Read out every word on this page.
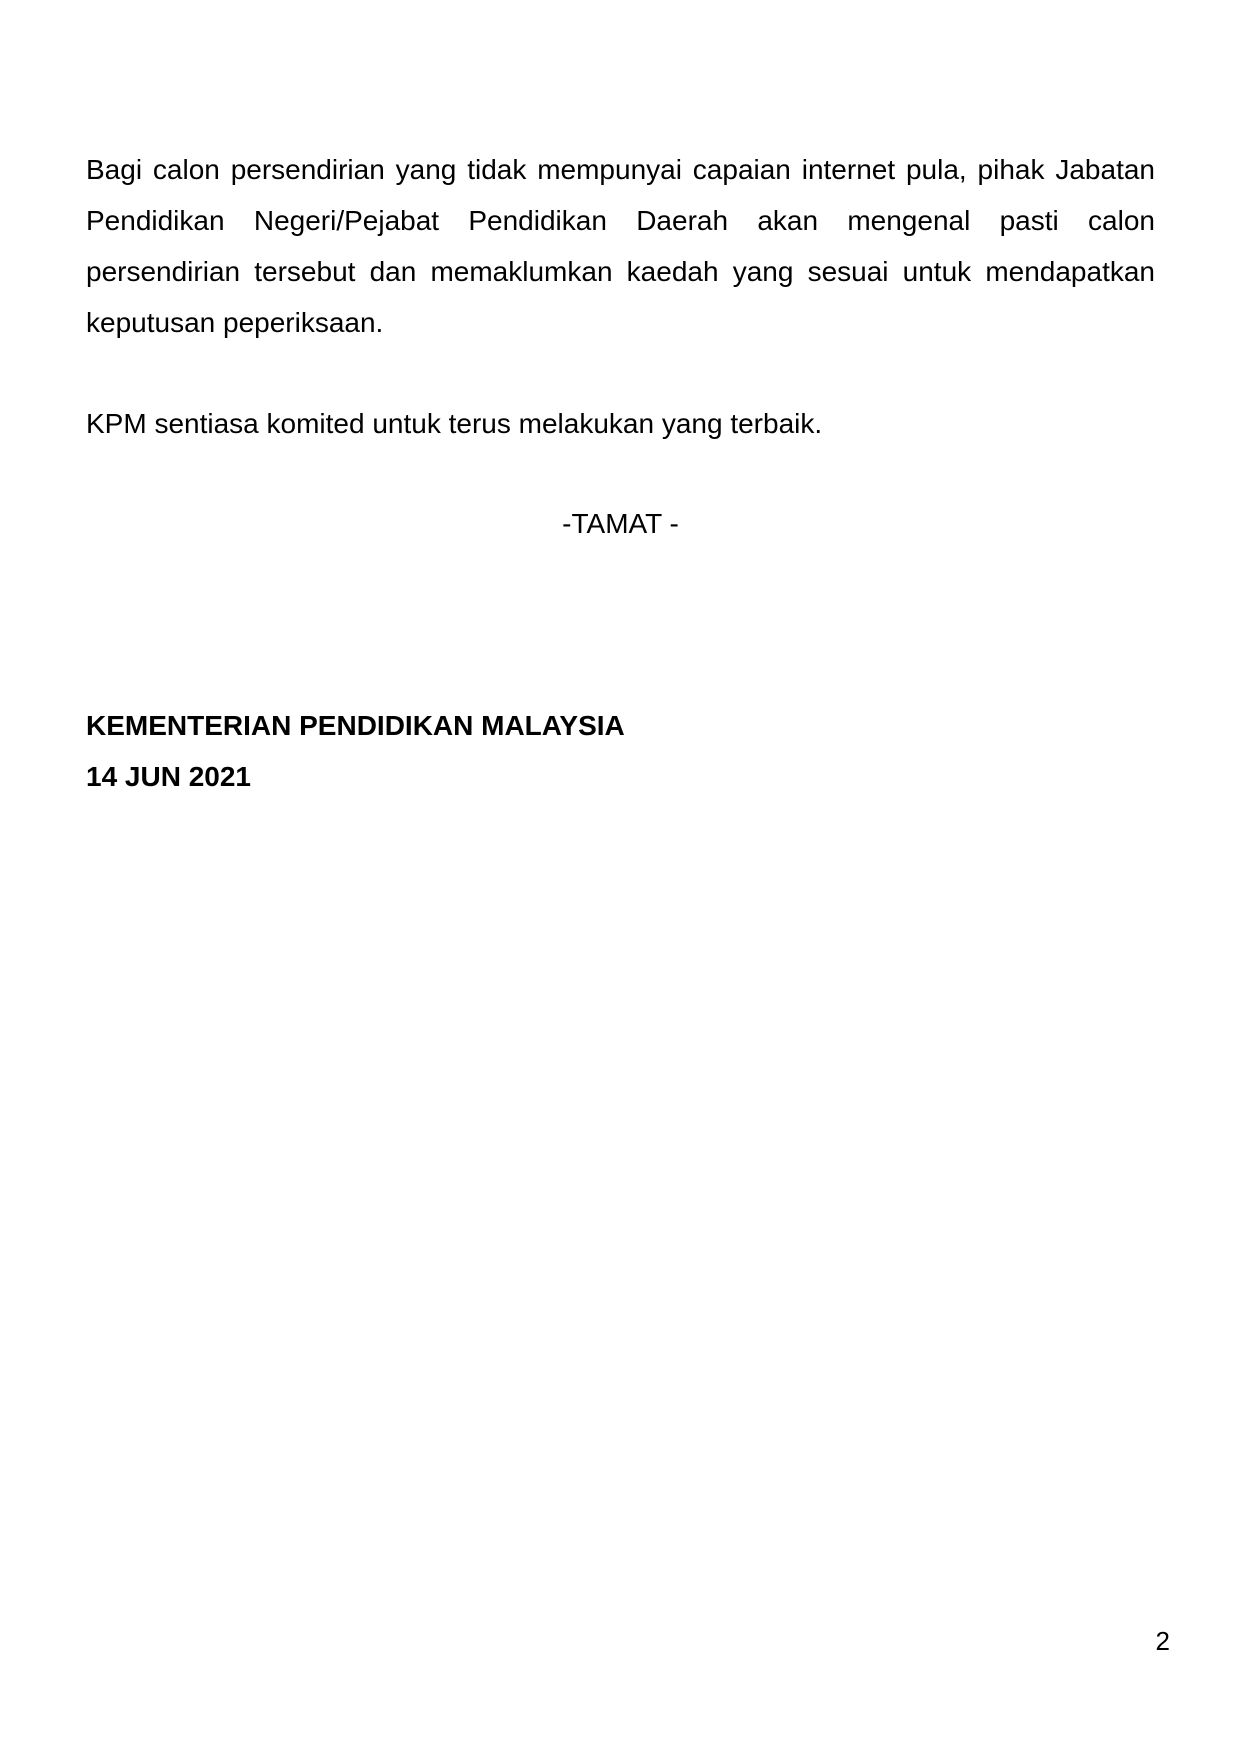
Bagi calon persendirian yang tidak mempunyai capaian internet pula, pihak Jabatan Pendidikan Negeri/Pejabat Pendidikan Daerah akan mengenal pasti calon persendirian tersebut dan memaklumkan kaedah yang sesuai untuk mendapatkan keputusan peperiksaan.

KPM sentiasa komited untuk terus melakukan yang terbaik.

-TAMAT -

KEMENTERIAN PENDIDIKAN MALAYSIA

14 JUN 2021

2
